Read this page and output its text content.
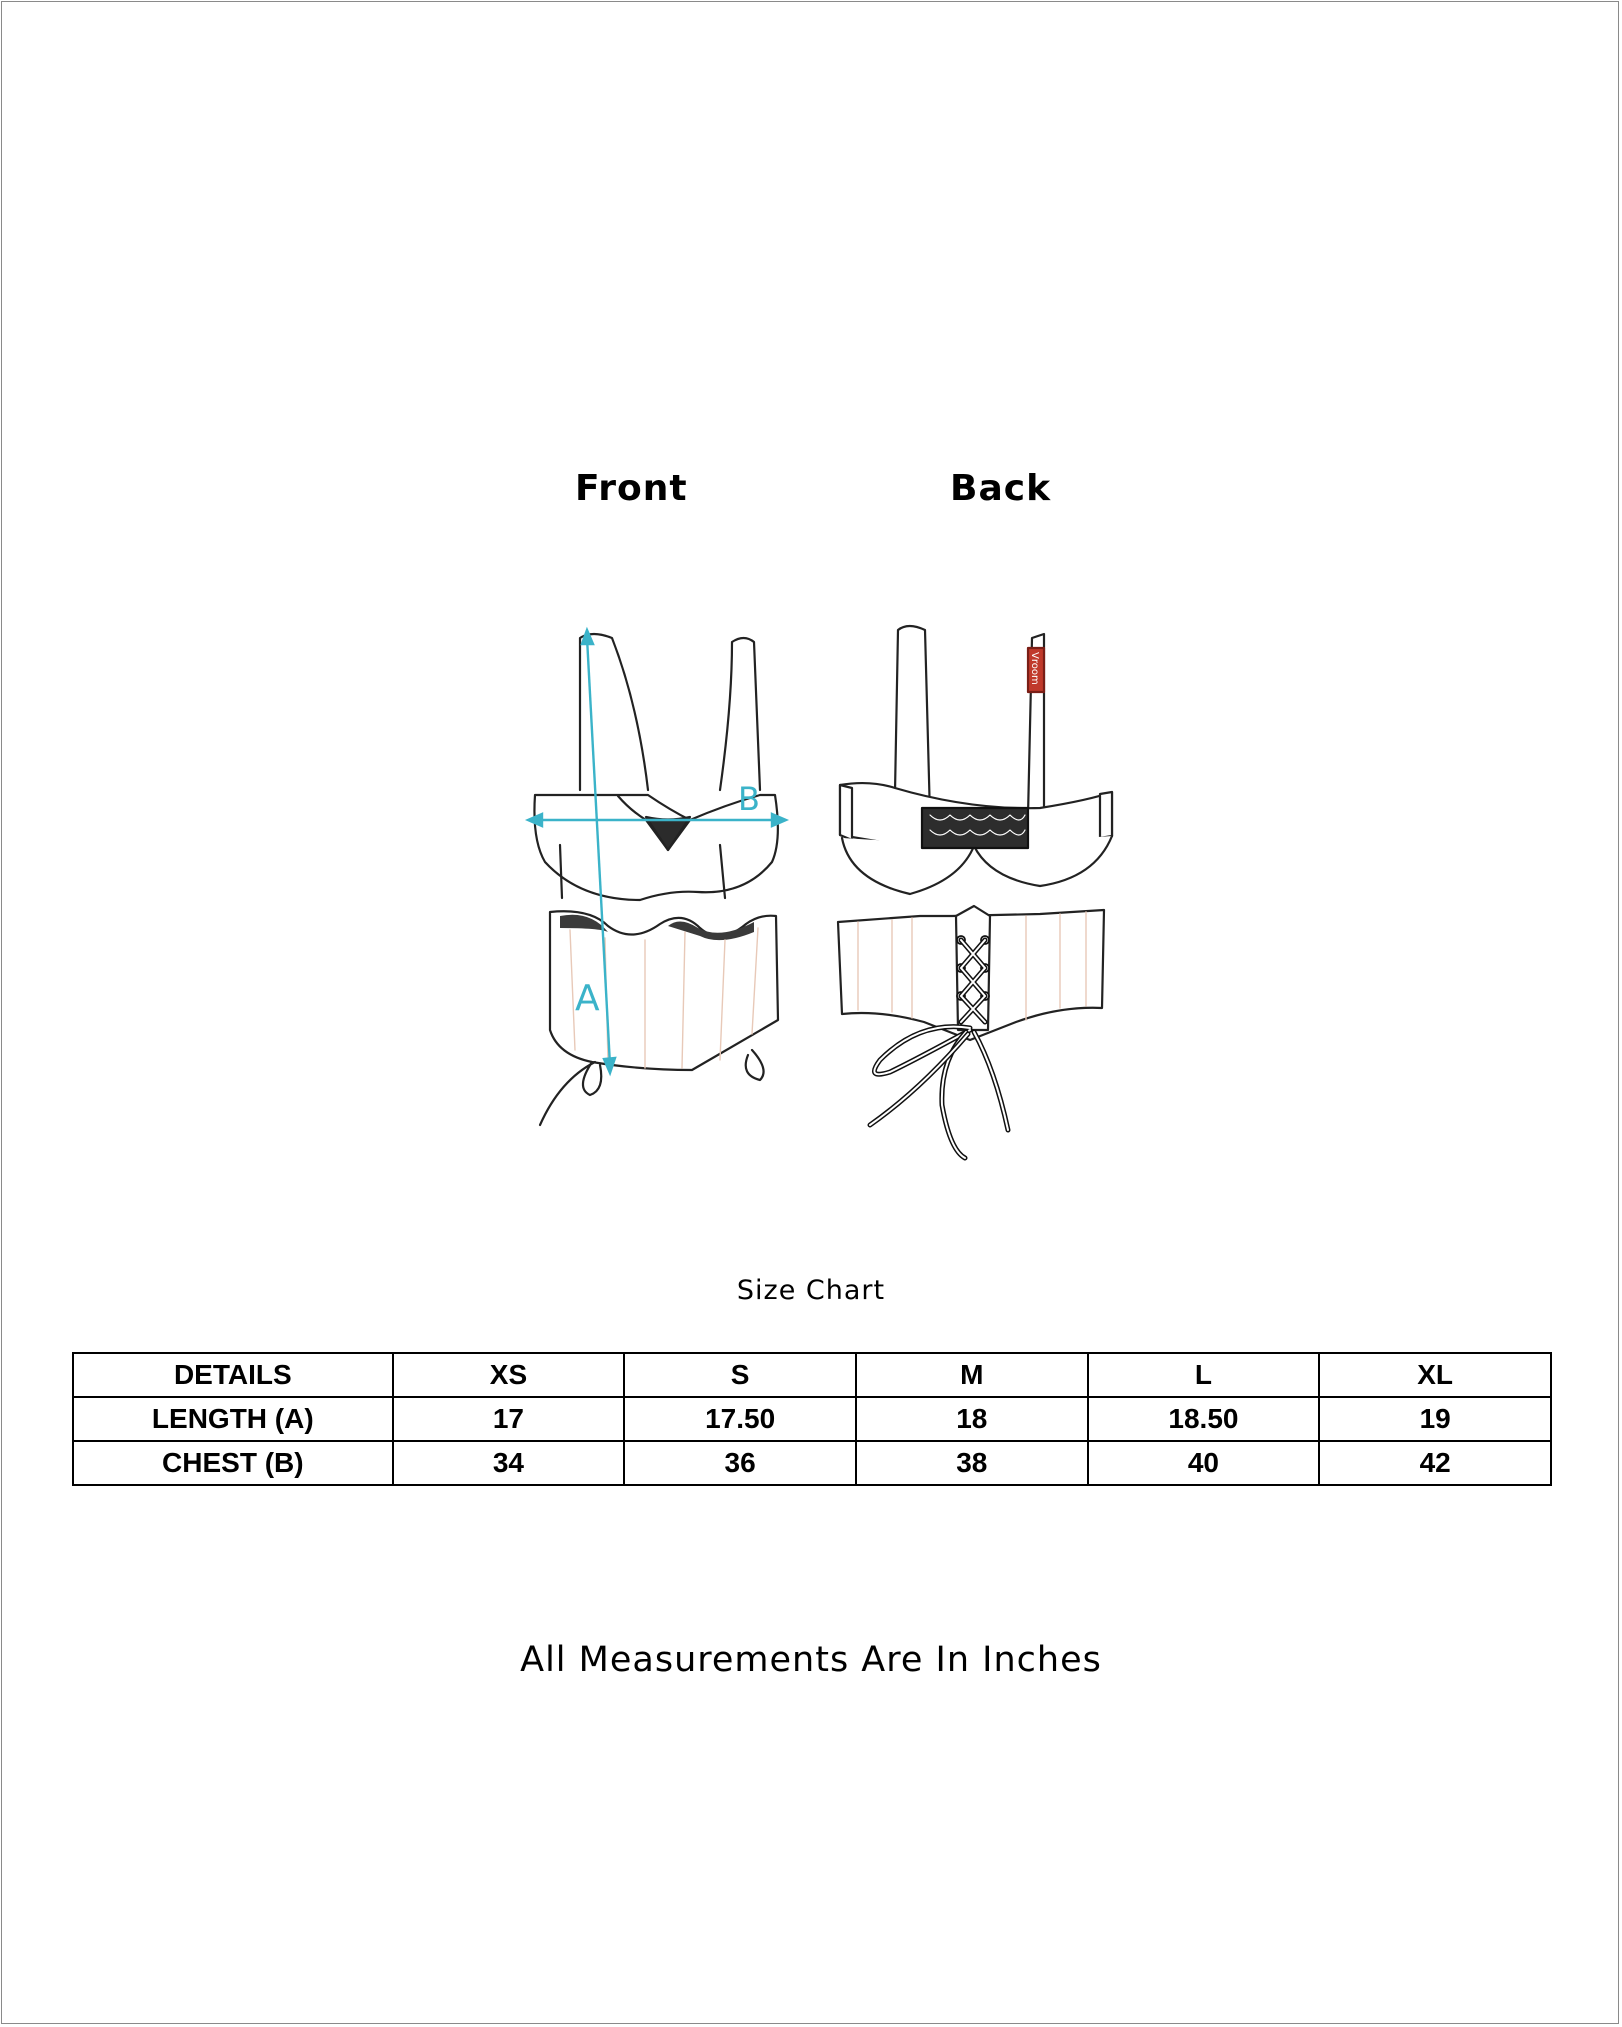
Front	Back
A
B
Vroom
Size Chart
DETAILS	XS	S	M	L	XL
LENGTH (A)	17	17.50	18	18.50	19
CHEST (B)	34	36	38	40	42
All Measurements Are In Inches
